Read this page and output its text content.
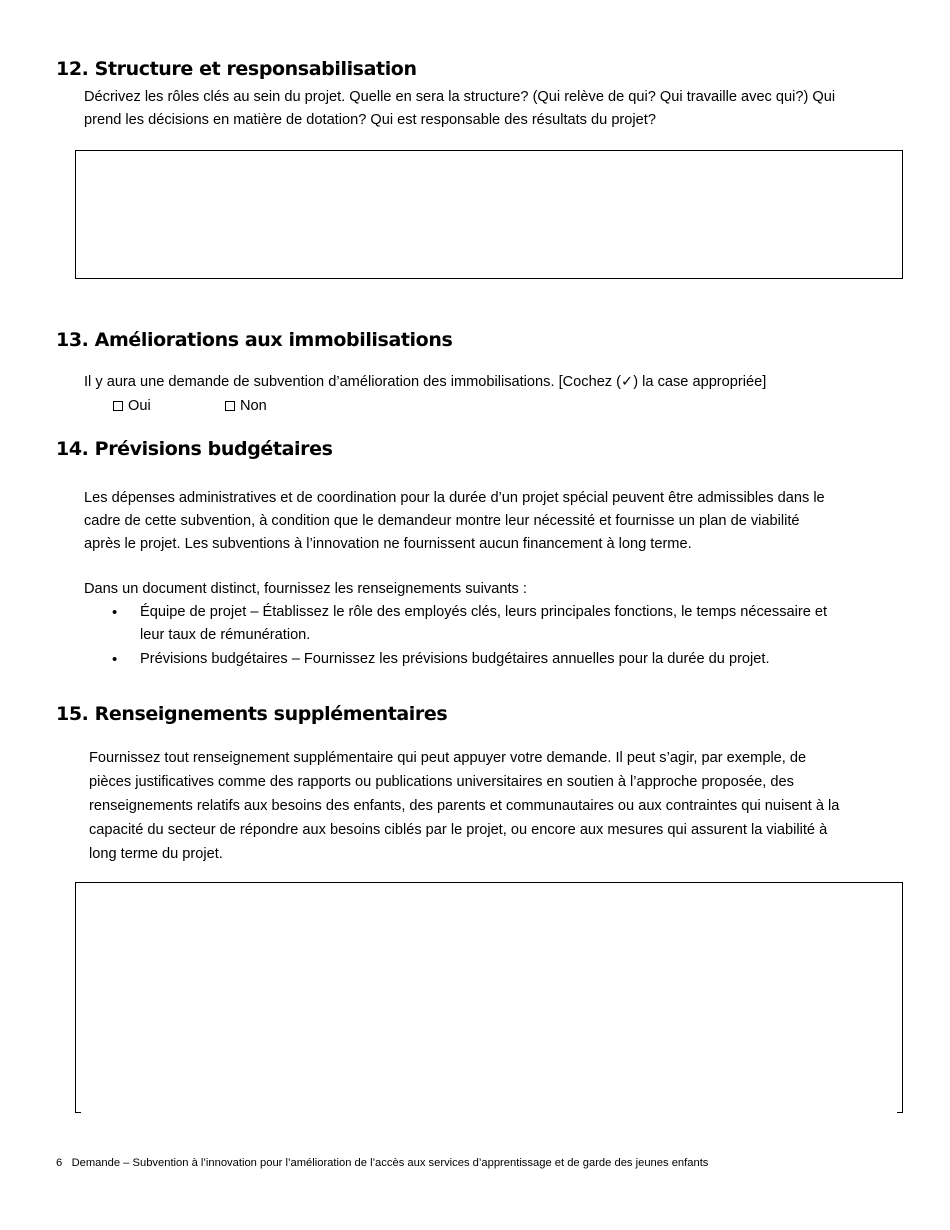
12. Structure et responsabilisation

Décrivez les rôles clés au sein du projet. Quelle en sera la structure? (Qui relève de qui? Qui travaille avec qui?) Qui
prend les décisions en matière de dotation? Qui est responsable des résultats du projet?

13. Améliorations aux immobilisations

Il y aura une demande de subvention d’amélioration des immobilisations. [Cochez (✓) la case appropriée]

Oui	Non
14. Prévisions budgétaires

Les dépenses administratives et de coordination pour la durée d’un projet spécial peuvent être admissibles dans le
cadre de cette subvention, à condition que le demandeur montre leur nécessité et fournisse un plan de viabilité
après le projet. Les subventions à l’innovation ne fournissent aucun financement à long terme.

Dans un document distinct, fournissez les renseignements suivants :

• Équipe de projet – Établissez le rôle des employés clés, leurs principales fonctions, le temps nécessaire et
leur taux de rémunération.
• Prévisions budgétaires – Fournissez les prévisions budgétaires annuelles pour la durée du projet.
15. Renseignements supplémentaires

Fournissez tout renseignement supplémentaire qui peut appuyer votre demande. Il peut s’agir, par exemple, de
pièces justificatives comme des rapports ou publications universitaires en soutien à l’approche proposée, des
renseignements relatifs aux besoins des enfants, des parents et communautaires ou aux contraintes qui nuisent à la
capacité du secteur de répondre aux besoins ciblés par le projet, ou encore aux mesures qui assurent la viabilité à
long terme du projet.

6 Demande – Subvention à l’innovation pour l’amélioration de l’accès aux services d’apprentissage et de garde des jeunes enfants
